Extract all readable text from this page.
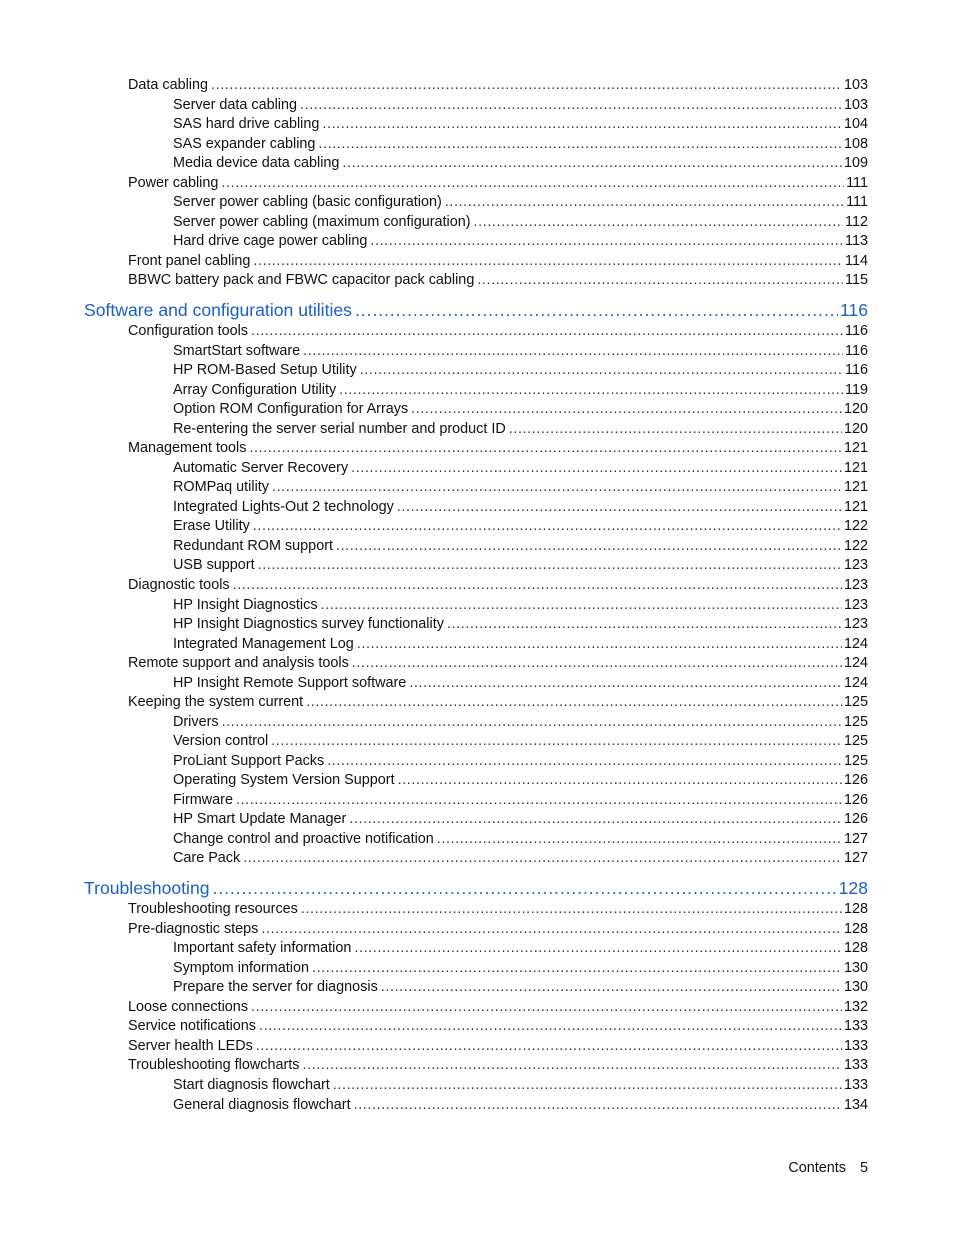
Data cabling .....	103
Server data cabling .....	103
SAS hard drive cabling .....	104
SAS expander cabling .....	108
Media device data cabling .....	109
Power cabling .....	111
Server power cabling (basic configuration) .....	111
Server power cabling (maximum configuration) .....	112
Hard drive cage power cabling .....	113
Front panel cabling .....	114
BBWC battery pack and FBWC capacitor pack cabling .....	115
Software and configuration utilities .....	116
Configuration tools .....	116
SmartStart software .....	116
HP ROM-Based Setup Utility .....	116
Array Configuration Utility .....	119
Option ROM Configuration for Arrays .....	120
Re-entering the server serial number and product ID .....	120
Management tools .....	121
Automatic Server Recovery .....	121
ROMPaq utility .....	121
Integrated Lights-Out 2 technology .....	121
Erase Utility .....	122
Redundant ROM support .....	122
USB support .....	123
Diagnostic tools .....	123
HP Insight Diagnostics .....	123
HP Insight Diagnostics survey functionality .....	123
Integrated Management Log .....	124
Remote support and analysis tools .....	124
HP Insight Remote Support software .....	124
Keeping the system current .....	125
Drivers .....	125
Version control .....	125
ProLiant Support Packs .....	125
Operating System Version Support .....	126
Firmware .....	126
HP Smart Update Manager .....	126
Change control and proactive notification .....	127
Care Pack .....	127
Troubleshooting .....	128
Troubleshooting resources .....	128
Pre-diagnostic steps .....	128
Important safety information .....	128
Symptom information .....	130
Prepare the server for diagnosis .....	130
Loose connections .....	132
Service notifications .....	133
Server health LEDs .....	133
Troubleshooting flowcharts .....	133
Start diagnosis flowchart .....	133
General diagnosis flowchart .....	134
Contents 5
